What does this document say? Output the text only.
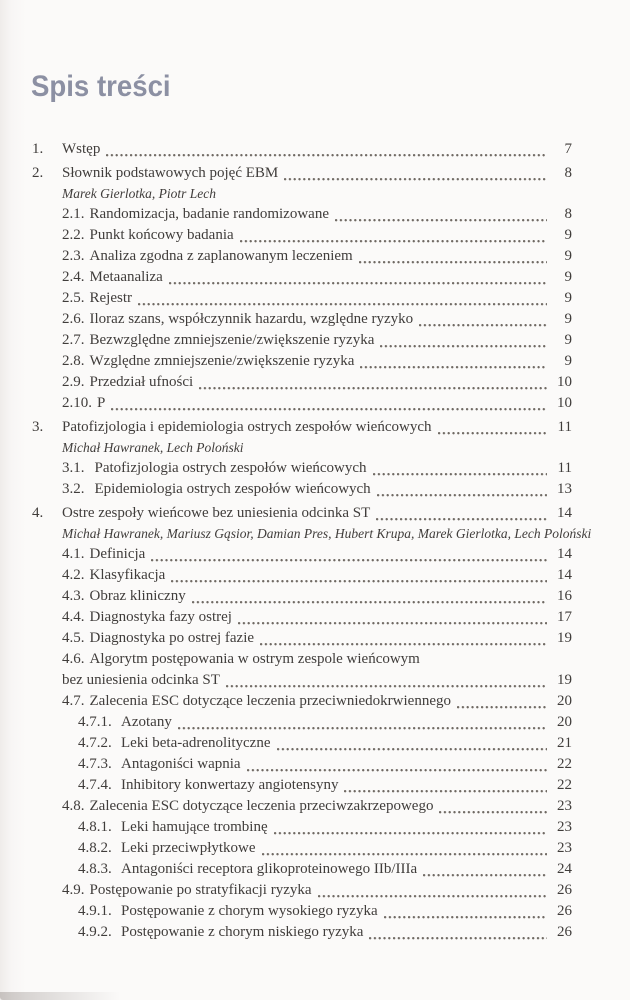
Spis treści
1.	Wstęp	7
2.	Słownik podstawowych pojęć EBM	8
Marek Gierlotka, Piotr Lech
2.1. Randomizacja, badanie randomizowane	8
2.2. Punkt końcowy badania	9
2.3. Analiza zgodna z zaplanowanym leczeniem	9
2.4. Metaanaliza	9
2.5. Rejestr	9
2.6. Iloraz szans, współczynnik hazardu, względne ryzyko	9
2.7. Bezwzględne zmniejszenie/zwiększenie ryzyka	9
2.8. Względne zmniejszenie/zwiększenie ryzyka	9
2.9. Przedział ufności	10
2.10. P	10
3.	Patofizjologia i epidemiologia ostrych zespołów wieńcowych	11
Michał Hawranek, Lech Poloński
3.1. Patofizjologia ostrych zespołów wieńcowych	11
3.2. Epidemiologia ostrych zespołów wieńcowych	13
4.	Ostre zespoły wieńcowe bez uniesienia odcinka ST	14
Michał Hawranek, Mariusz Gąsior, Damian Pres, Hubert Krupa, Marek Gierlotka, Lech Poloński
4.1. Definicja	14
4.2. Klasyfikacja	14
4.3. Obraz kliniczny	16
4.4. Diagnostyka fazy ostrej	17
4.5. Diagnostyka po ostrej fazie	19
4.6. Algorytm postępowania w ostrym zespole wieńcowym
bez uniesienia odcinka ST	19
4.7. Zalecenia ESC dotyczące leczenia przeciwniedokrwiennego	20
4.7.1. Azotany	20
4.7.2. Leki beta-adrenolityczne	21
4.7.3. Antagoniści wapnia	22
4.7.4. Inhibitory konwertazy angiotensyny	22
4.8. Zalecenia ESC dotyczące leczenia przeciwzakrzepowego	23
4.8.1. Leki hamujące trombinę	23
4.8.2. Leki przeciwpłytkowe	23
4.8.3. Antagoniści receptora glikoproteinowego IIb/IIIa	24
4.9. Postępowanie po stratyfikacji ryzyka	26
4.9.1. Postępowanie z chorym wysokiego ryzyka	26
4.9.2. Postępowanie z chorym niskiego ryzyka	26
